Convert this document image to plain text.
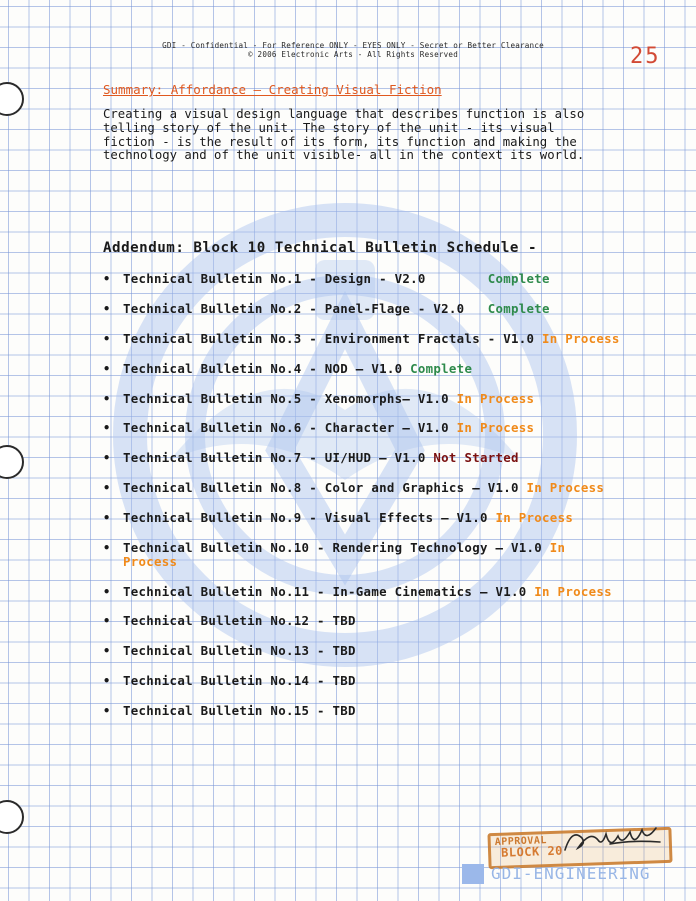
GDI - Confidential - For Reference ONLY - EYES ONLY - Secret or Better Clearance
© 2006 Electronic Arts - All Rights Reserved	25
Summary: Affordance – Creating Visual Fiction
Creating a visual design language that describes function is also
telling story of the unit. The story of the unit - its visual
fiction - is the result of its form, its function and making the
technology and of the unit visible- all in the context its world.
Addendum: Block 10 Technical Bulletin Schedule -
• Technical Bulletin No.1 - Design - V2.0        Complete
• Technical Bulletin No.2 - Panel-Flage - V2.0   Complete
• Technical Bulletin No.3 - Environment Fractals - V1.0 In Process
• Technical Bulletin No.4 - NOD – V1.0 Complete
• Technical Bulletin No.5 - Xenomorphs– V1.0 In Process
• Technical Bulletin No.6 - Character – V1.0 In Process
• Technical Bulletin No.7 - UI/HUD – V1.0 Not Started
• Technical Bulletin No.8 - Color and Graphics – V1.0 In Process
• Technical Bulletin No.9 - Visual Effects – V1.0 In Process
• Technical Bulletin No.10 - Rendering Technology – V1.0 In Process
• Technical Bulletin No.11 - In-Game Cinematics – V1.0 In Process
• Technical Bulletin No.12 - TBD
• Technical Bulletin No.13 - TBD
• Technical Bulletin No.14 - TBD
• Technical Bulletin No.15 - TBD
APPROVAL
BLOCK 20
GDI-ENGINEERING
